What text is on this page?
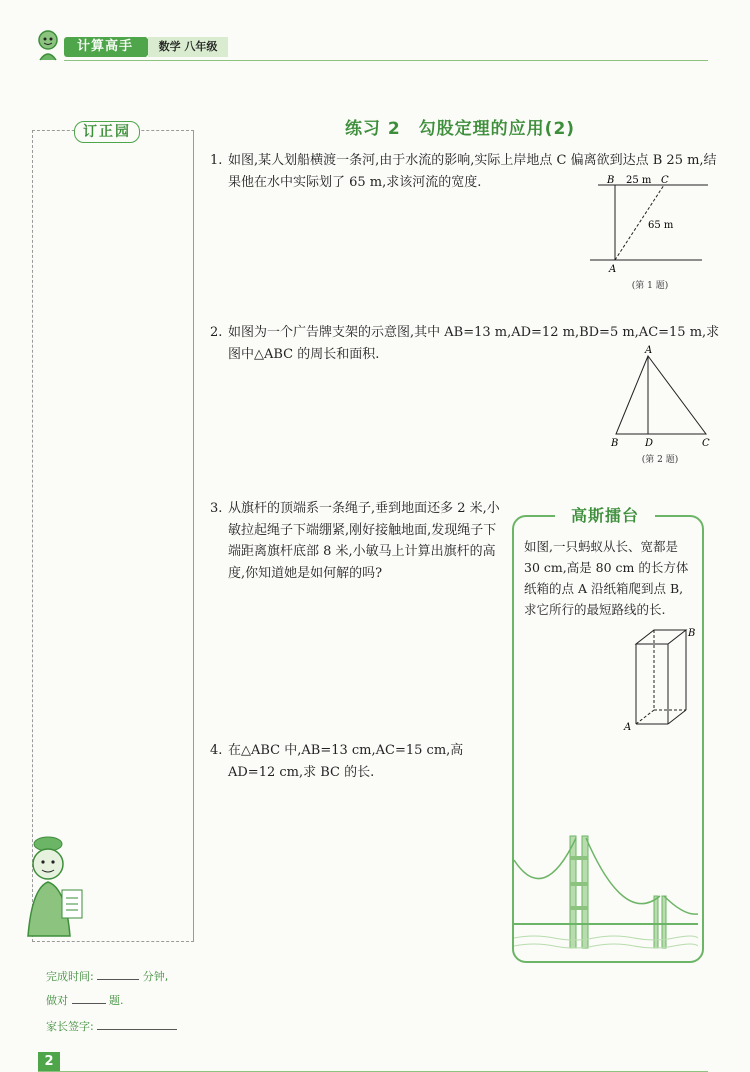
计算高手	数学 八年级
订正园
完成时间:	分钟,
做对	题.
家长签字:
2
练习 2　勾股定理的应用(2)
1. 如图,某人划船横渡一条河,由于水流的影响,实际上岸地点 C 偏离欲到达点 B 25 m,结果他在水中实际划了 65 m,求该河流的宽度.	B 25 m C
65 m
A
(第 1 题)
2. 如图为一个广告牌支架的示意图,其中 AB=13 m,AD=12 m,BD=5 m,AC=15 m,求图中△ABC 的周长和面积.	A
B	D	C
(第 2 题)
3. 从旗杆的顶端系一条绳子,垂到地面还多 2 米,小敏拉起绳子下端绷紧,刚好接触地面,发现绳子下端距离旗杆底部 8 米,小敏马上计算出旗杆的高度,你知道她是如何解的吗?
4. 在△ABC 中,AB=13 cm,AC=15 cm,高 AD=12 cm,求 BC 的长.
高斯擂台
如图,一只蚂蚁从长、宽都是 30 cm,高是 80 cm 的长方体纸箱的点 A 沿纸箱爬到点 B,求它所行的最短路线的长.
B
A
